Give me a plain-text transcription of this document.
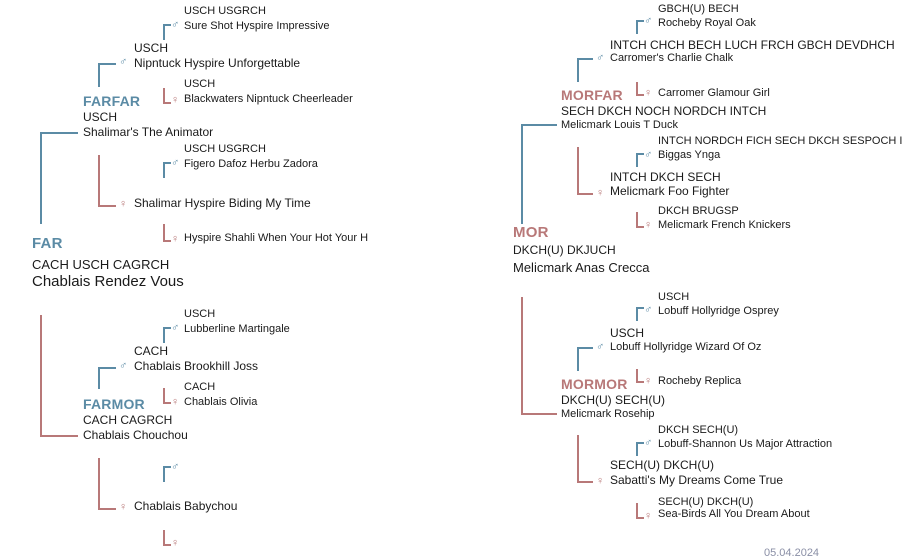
FAR
CACH USCH CAGRCH
Chablais Rendez Vous
FARFAR
USCH
Shalimar's The Animator
USCH
♂ Nipntuck Hyspire Unforgettable
USCH USGRCH
♂ Sure Shot Hyspire Impressive
USCH
♀ Blackwaters Nipntuck Cheerleader
♀ Shalimar Hyspire Biding My Time
USCH USGRCH
♂ Figero Dafoz Herbu Zadora
♀ Hyspire Shahli When Your Hot Your H
FARMOR
CACH CAGRCH
Chablais Chouchou
CACH
♂ Chablais Brookhill Joss
USCH
♂ Lubberline Martingale
CACH
♀ Chablais Olivia
♀ Chablais Babychou
♂
♀
MOR
DKCH(U) DKJUCH
Melicmark Anas Crecca
MORFAR
SECH DKCH NOCH NORDCH INTCH
Melicmark Louis T Duck
INTCH CHCH BECH LUCH FRCH GBCH DEVDHCH
♂ Carromer's Charlie Chalk
GBCH(U) BECH
♂ Rocheby Royal Oak
♀ Carromer Glamour Girl
INTCH DKCH SECH
♀ Melicmark Foo Fighter
INTCH NORDCH FICH SECH DKCH SESPOCH I
♂ Biggas Ynga
DKCH BRUGSP
♀ Melicmark French Knickers
MORMOR
DKCH(U) SECH(U)
Melicmark Rosehip
USCH
♂ Lobuff Hollyridge Wizard Of Oz
USCH
♂ Lobuff Hollyridge Osprey
♀ Rocheby Replica
SECH(U) DKCH(U)
♀ Sabatti's My Dreams Come True
DKCH SECH(U)
♂ Lobuff-Shannon Us Major Attraction
SECH(U) DKCH(U)
♀ Sea-Birds All You Dream About
05.04.2024
